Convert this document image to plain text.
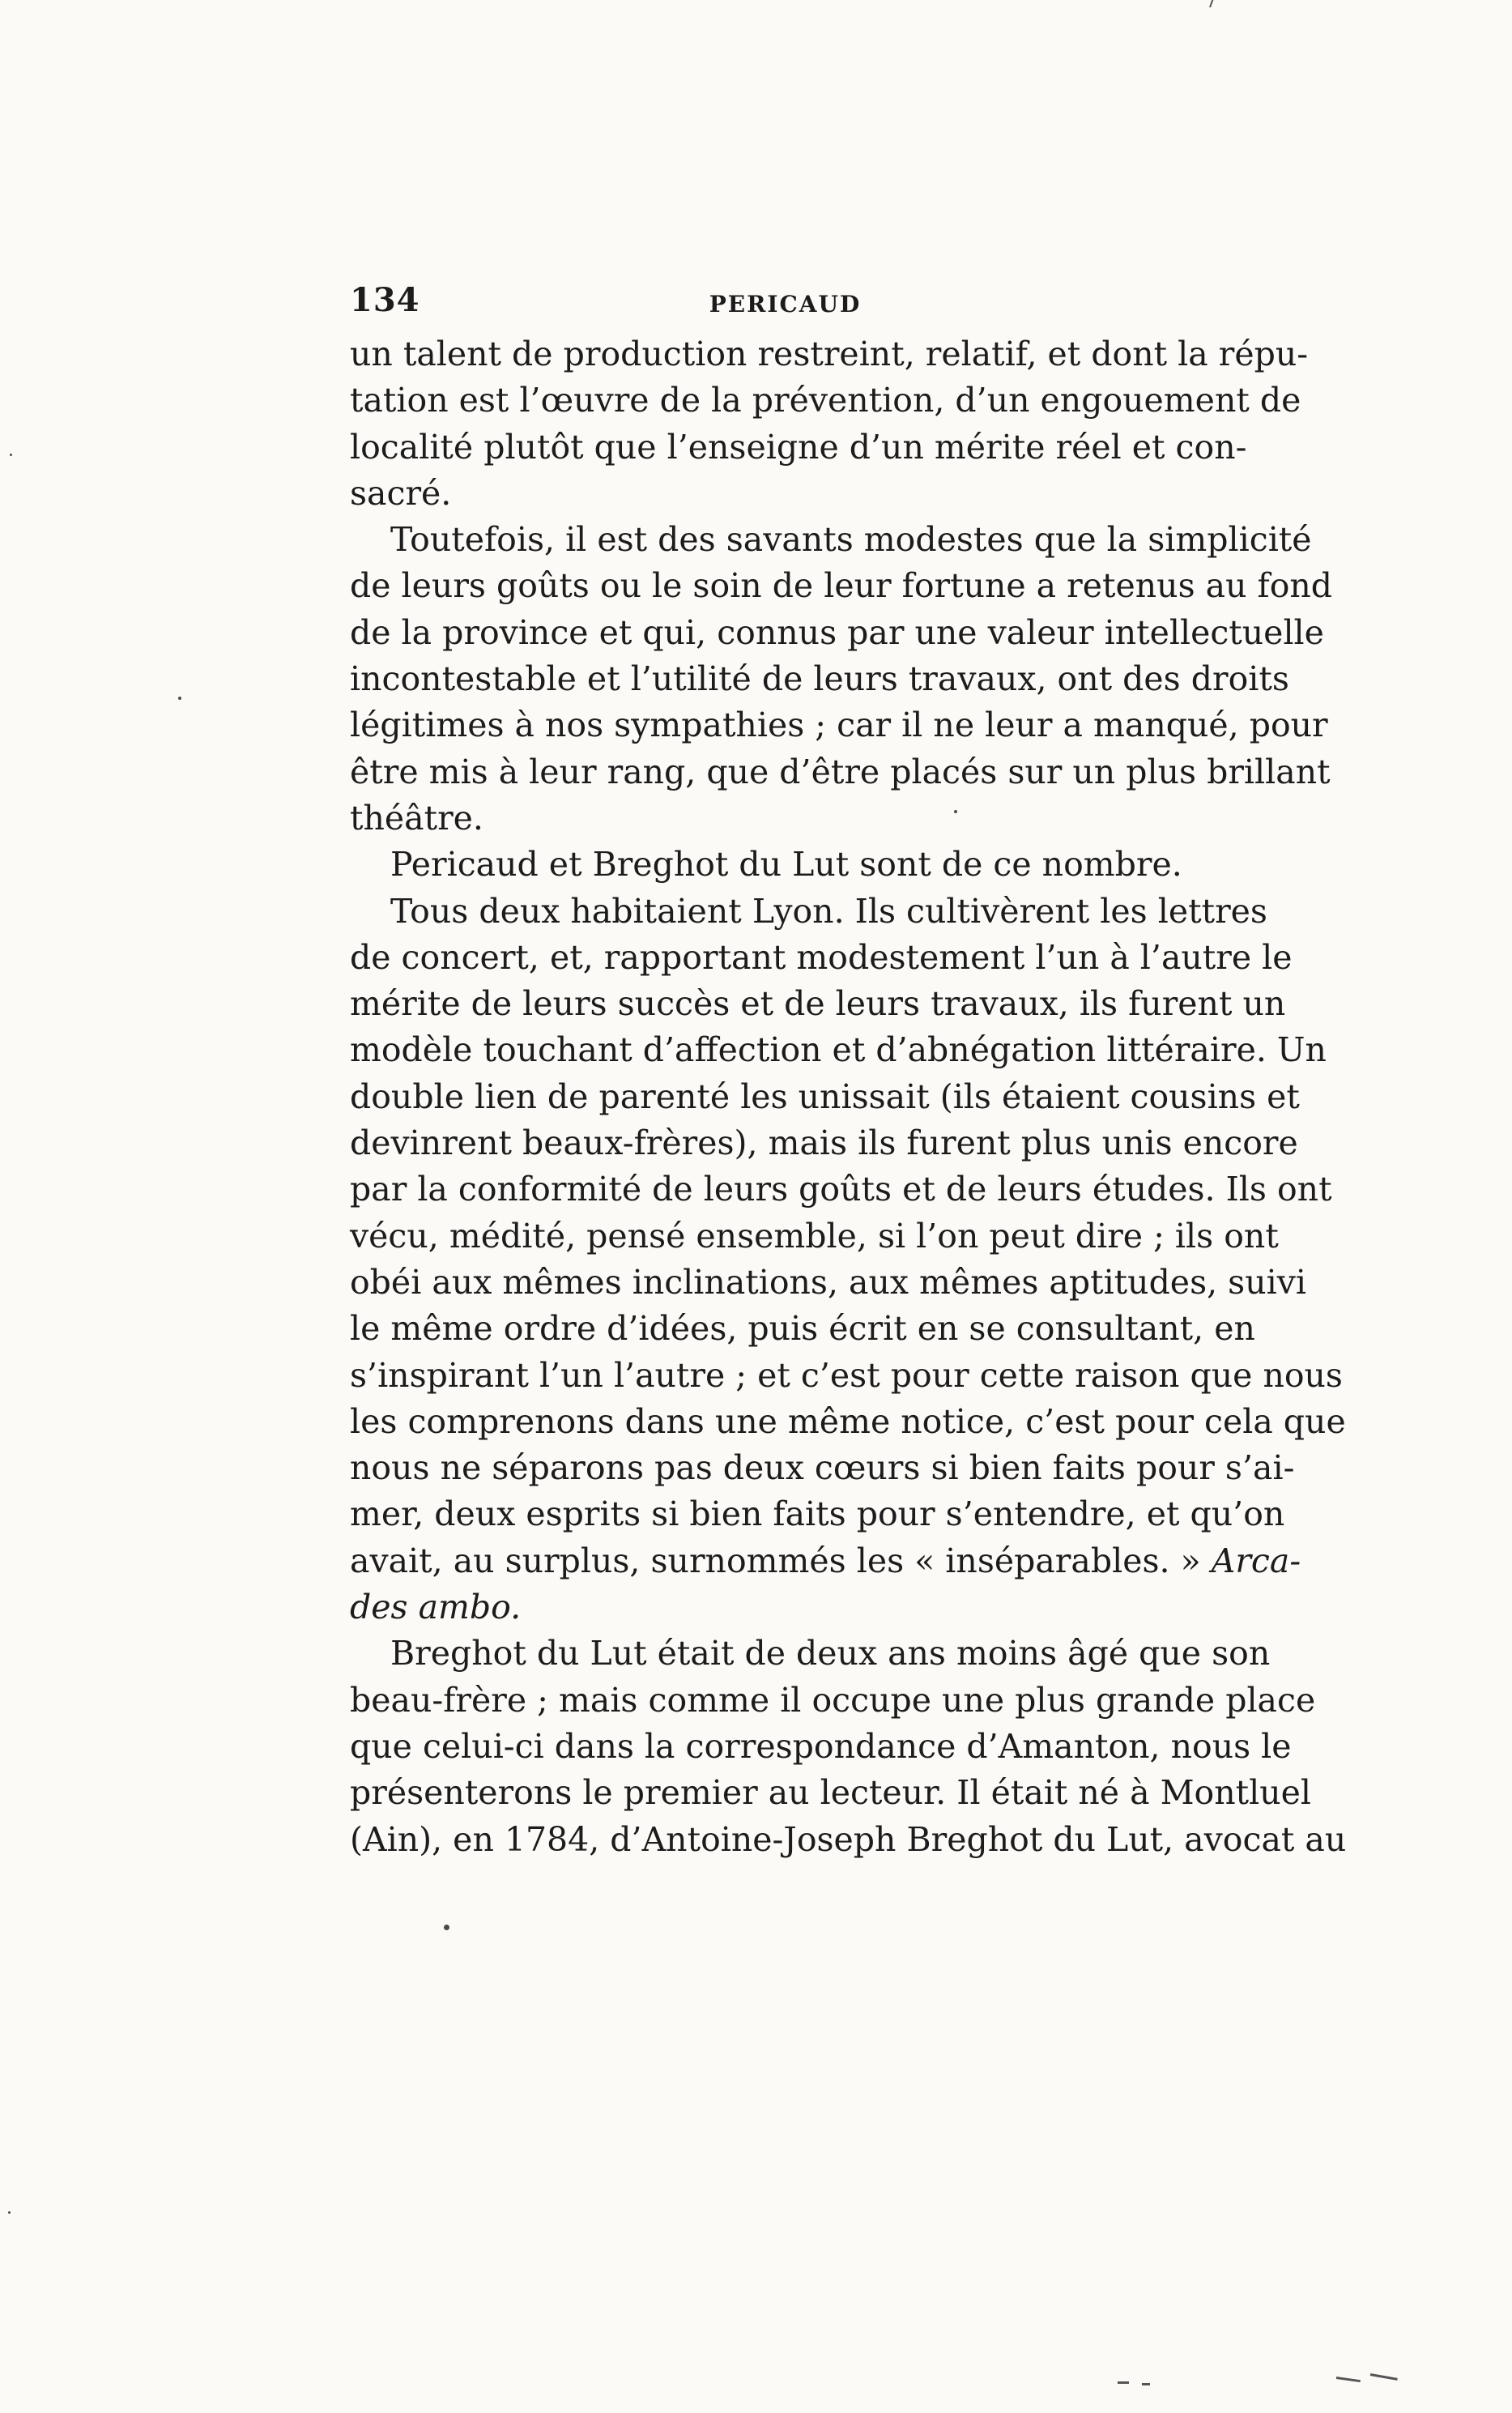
134	PERICAUD
un talent de production restreint, relatif, et dont la répu-
tation est l’œuvre de la prévention, d’un engouement de
localité plutôt que l’enseigne d’un mérite réel et con-
sacré.
Toutefois, il est des savants modestes que la simplicité
de leurs goûts ou le soin de leur fortune a retenus au fond
de la province et qui, connus par une valeur intellectuelle
incontestable et l’utilité de leurs travaux, ont des droits
légitimes à nos sympathies ; car il ne leur a manqué, pour
être mis à leur rang, que d’être placés sur un plus brillant
théâtre.
Pericaud et Breghot du Lut sont de ce nombre.
Tous deux habitaient Lyon. Ils cultivèrent les lettres
de concert, et, rapportant modestement l’un à l’autre le
mérite de leurs succès et de leurs travaux, ils furent un
modèle touchant d’affection et d’abnégation littéraire. Un
double lien de parenté les unissait (ils étaient cousins et
devinrent beaux-frères), mais ils furent plus unis encore
par la conformité de leurs goûts et de leurs études. Ils ont
vécu, médité, pensé ensemble, si l’on peut dire ; ils ont
obéi aux mêmes inclinations, aux mêmes aptitudes, suivi
le même ordre d’idées, puis écrit en se consultant, en
s’inspirant l’un l’autre ; et c’est pour cette raison que nous
les comprenons dans une même notice, c’est pour cela que
nous ne séparons pas deux cœurs si bien faits pour s’ai-
mer, deux esprits si bien faits pour s’entendre, et qu’on
avait, au surplus, surnommés les « inséparables. » Arca-
des ambo.
Breghot du Lut était de deux ans moins âgé que son
beau-frère ; mais comme il occupe une plus grande place
que celui-ci dans la correspondance d’Amanton, nous le
présenterons le premier au lecteur. Il était né à Montluel
(Ain), en 1784, d’Antoine-Joseph Breghot du Lut, avocat au
